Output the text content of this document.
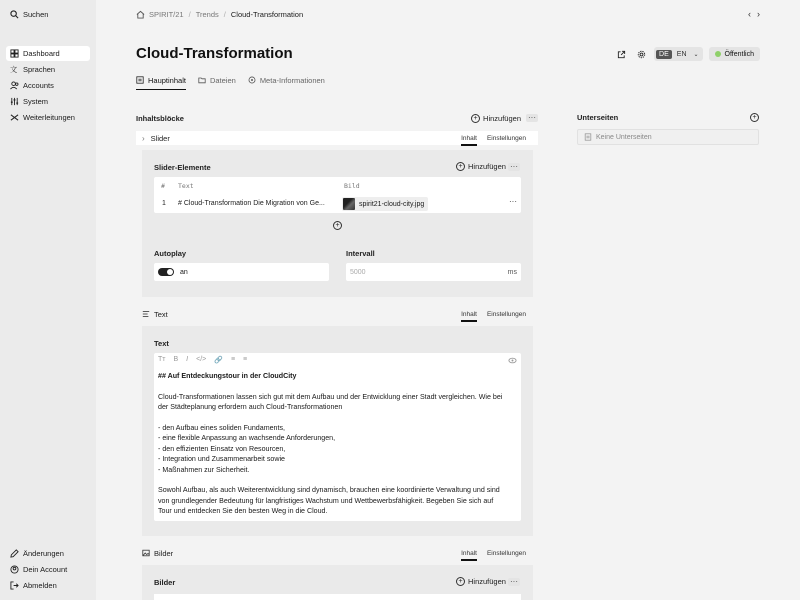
Suchen
Dashboard
文 Sprachen
Accounts
System
Weiterleitungen
Änderungen
Dein Account
Abmelden
SPIRIT/21 / Trends / Cloud-Transformation	‹ ›
Cloud-Transformation	DE	EN	⌄	Öffentlich
Hauptinhalt	Dateien	Meta-Informationen
Inhaltsblöcke	+ Hinzufügen ···
› Slider	Inhalt Einstellungen
Slider-Elemente	+ Hinzufügen ···
# Text	Bild
1 # Cloud-Transformation Die Migration von Ge...	spirit21-cloud-city.jpg	···
+
Autoplay	Intervall
an	5000	ms
Text	Inhalt Einstellungen
Text
Tт B I </> 🔗 ≡ ≡

## Auf Entdeckungstour in der CloudCity

Cloud-Transformationen lassen sich gut mit dem Aufbau und der Entwicklung einer Stadt vergleichen. Wie bei

der Städteplanung erfordern auch Cloud-Transformationen

- den Aufbau eines soliden Fundaments,
- eine flexible Anpassung an wachsende Anforderungen,
- den effizienten Einsatz von Resourcen,
- Integration und Zusammenarbeit sowie

- Maßnahmen zur Sicherheit.

Sowohl Aufbau, als auch Weiterentwicklung sind dynamisch, brauchen eine koordinierte Verwaltung und sind
von grundlegender Bedeutung für langfristiges Wachstum und Wettbewerbsfähigkeit. Begeben Sie sich auf
Tour und entdecken Sie den besten Weg in die Cloud.
Bilder	Inhalt Einstellungen
Bilder	+ Hinzufügen ···
Unterseiten	+
Keine Unterseiten
